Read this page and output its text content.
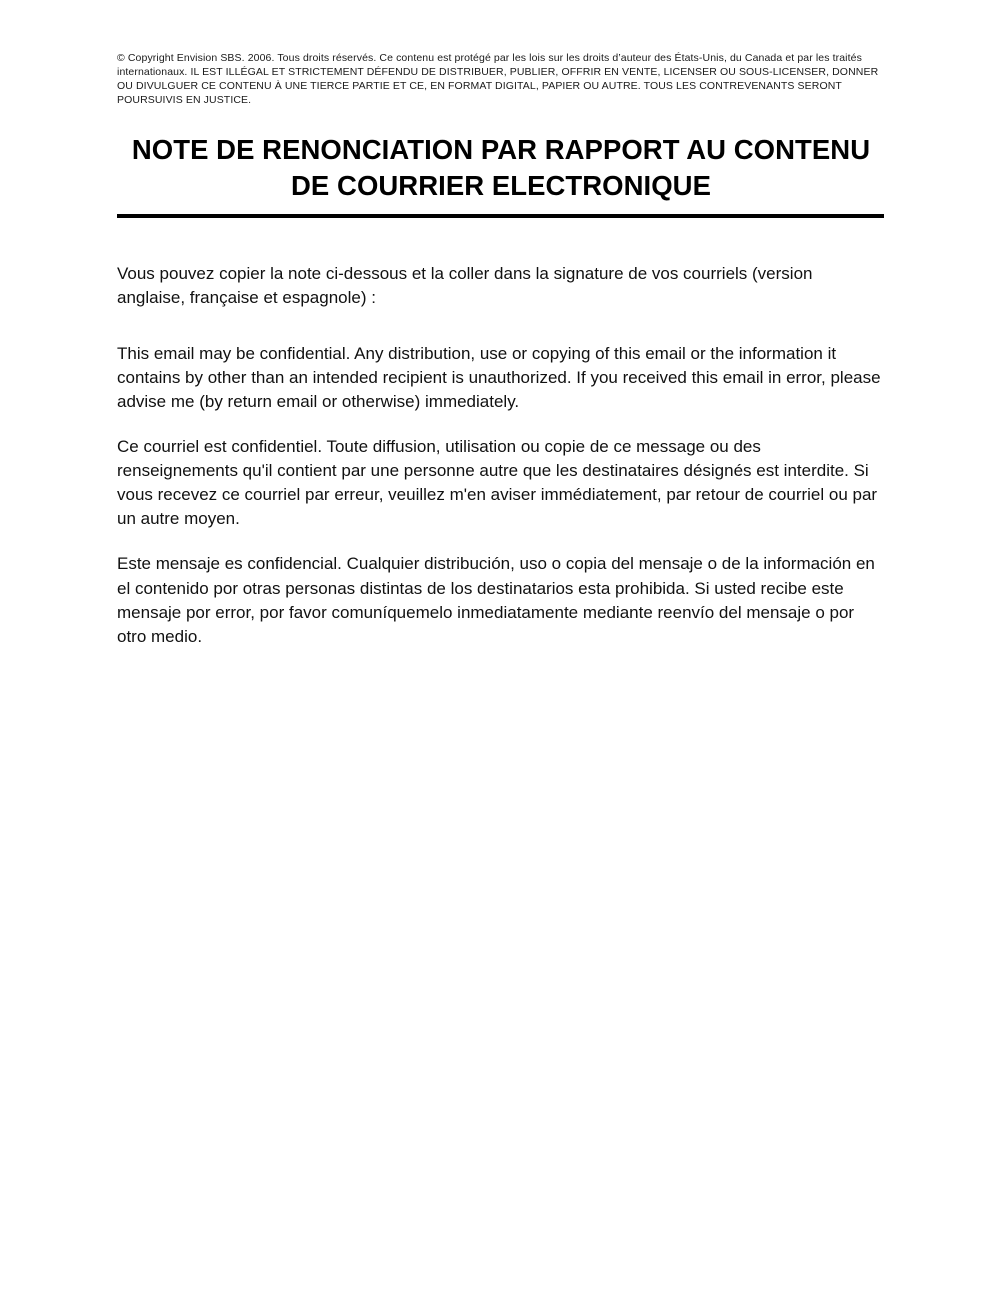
© Copyright Envision SBS. 2006. Tous droits réservés. Ce contenu est protégé par les lois sur les droits d’auteur des États-Unis, du Canada et par les traités internationaux. IL EST ILLÉGAL ET STRICTEMENT DÉFENDU DE DISTRIBUER, PUBLIER, OFFRIR EN VENTE, LICENSER OU SOUS-LICENSER, DONNER OU DIVULGUER CE CONTENU À UNE TIERCE PARTIE ET CE, EN FORMAT DIGITAL, PAPIER OU AUTRE. TOUS LES CONTREVENANTS SERONT POURSUIVIS EN JUSTICE.
NOTE DE RENONCIATION PAR RAPPORT AU CONTENU DE COURRIER ELECTRONIQUE

Vous pouvez copier la note ci-dessous et la coller dans la signature de vos courriels (version anglaise, française et espagnole) :

This email may be confidential. Any distribution, use or copying of this email or the information it contains by other than an intended recipient is unauthorized. If you received this email in error, please advise me (by return email or otherwise) immediately.

Ce courriel est confidentiel. Toute diffusion, utilisation ou copie de ce message ou des renseignements qu'il contient par une personne autre que les destinataires désignés est interdite. Si vous recevez ce courriel par erreur, veuillez m'en aviser immédiatement, par retour de courriel ou par un autre moyen.

Este mensaje es confidencial. Cualquier distribución, uso o copia del mensaje o de la información en el contenido por otras personas distintas de los destinatarios esta prohibida. Si usted recibe este mensaje por error, por favor comuníquemelo inmediatamente mediante reenvío del mensaje o por otro medio.
